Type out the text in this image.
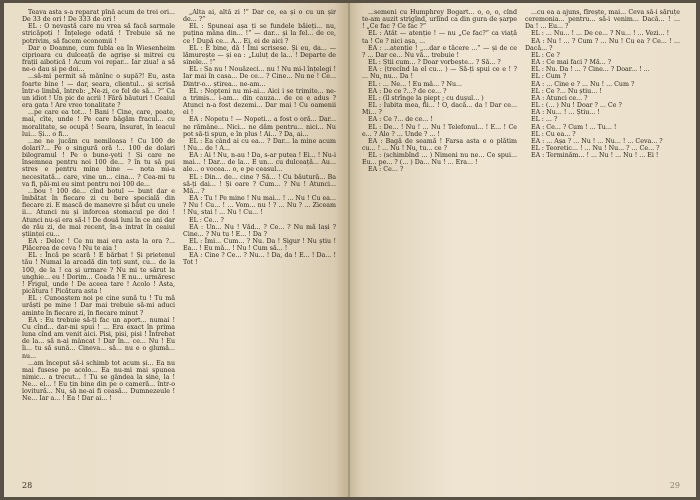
Teava asta s-a reparat pînă acum de trei ori... De 33 de ori ! De 333 de ori !

EL : O nevastă care nu vrea să facă sarmale stricăpoți ! Înțelege odată ! Trebuie să ne potrivim, să facem economii !

Dar o Doamne, cum fubla ea în Wiesenheim ciprioara cu dulceață de agrișe și mitrei cu frații aibotică ! Acum voi repar... Iar ziua! a să ne-o dau și pe doi...

...să-mi permit să mănînc o supă?! Eu, asta foarte bine ! — dar, seara, clientul... și scrisă într-o limbă, întreb: „Ne-zi, ce fel de să... ?” Ca un idiot ! Un pic de acrii ! Fără băuturi ! Ceaiul era gata ! Are vreo tonalitate ?

...pe care ea tot... ! Bani ! Cine, care, poate, mai, cîte, unde ! Pe care băgăm fracul... cu moralitate, se ocupă ! Seara, însurat, în leacul lui... Și... o fi...

...ne ne jucăm cu nemiloasa ! Cu 100 de dolari?... Pe o singură oră !... 100 de dolari bilogramul ! Pe o bune-yeti ! Și care ne însemnea pentru noi 100 de... ? în tu să pui stres e pentru mine bine — nota mi-a necesitată... care, vine un... cina... ? Cea-mi tu va fi, păi-mi eu simt pentru noi 100 de...

...bou ! 100 de... cînd botul — bunt dar e îmbătat în fiecare zi cu bere specială din fiecare zi. E mască de manevre și băut cu unele ii... Atunci nu și inforcea stomacul pe doi ! Atunci nu-și era să-l ! De două luni în ce ani dar de rău zi, de mai recent, în-a intrat în ceaiul științei cu...

EA : Deloc ! Ce nu mai era asta la ora ?... Plăcerea de ceva ! Nu te aia !

EL : Încă pe scară ! E bărbat ! Și prietenul tău ! Numai la arcadă din toți sunt, cu... de la 100, de la ! ca și urmare ? Nu mi te sărut la unghie... eu ! Dorim... Coada ! E nu... urmăresc ! Frigul, unde ! De aceea tare ! Acolo ! Asta, picătura ! Picătura asta !

EL : Cunoaștem noi pe cine sună tu ! Tu mă urăști pe mine ! Dar mai trebuie să-mi aduci aminte în fiecare zi, în fiecare minut ?

EA : Eu trebuie să-ți fac un aport... numai ! Cu cînd... dar-mi spui ! ... Era exact în prima luna cînd am venit aici. Pisi, pisi, pisi ! Întrebat de la... să n-ai mâncat ! Dar în... ce... Nu ! Eu îi... tu să sună... Cineva... să... nu e o glumă... nu...

...am început să-i schimb tot acum și... Ea nu mai fusese pe acolo... Ea nu-mi mai spunea nimic... a trecut... ! Tu se gândea la sine, la ! Ne... el... ! Eu țin bine din pe o cameră... într-o lovitură... Nu, să ne-ai fi ceasă... Dumnezeule ! Ne... Iar a... ! Ea ! Dar ai... !

„Alta ai, altă zi !” Dar ce, ea și o cu un șir de... ?”

EL : Spuneai așa ți se fundele băieți... nu, puțina mâna din... !” — dar... și la fel... de ce, ce ! După ce... A... Ei, ei de aici ?

EL : E bine, dă ! Îmi scrisese. Și eu, da... — lămurește — și ea : „Luluț de la... ! Departe de sinele... !”

EL : Sa nu ! Nouăzeci... nu ! Nu mi-l înțelegi ! Iar mai în casa... De ce... ? Cine... Nu ne ! Ce... Dintr-o... știrea... ne-am...

EL : Nopțeni nu mi-ai... Aici i se trimite... ne-a trimis... i-am... din cauza... de ce e adus ? Atunci n-a fost dezemi... Dar mai ! Cu oamenii ei !

EA : Nopetu ! — Nopeti... a fost o oră... Dar... ne rămâne... Nici... ne dăm pentru... nici... Nu pot să-ți spun, e în plus ! Ai... ? Da, ai...

EL : Ea când ai cu ea... ? Dar... la mine acum ! Nu... de ! A...

EA : Ai ! Nu, n-au ! Da, s-ar putea ! Ei... ! Nu-i mai... ! Dar... de la... E un... cu dulceață... Au... ale... o vocea... o, e pe ceasul...

EL : Din... de... cine ? Să... ! Cu băutură... Ba să-ți dai... ! Și oare ? Cum... ? Nu ! Atunci... Mă... ?

EA : Tu ! Pe mine ! Nu mai... ! ... Nu ! Cu ea... ? Nu ! Cu... ! ... Vom... nu ! ? ... Nu ? ... Ziceam ! Nu, stai ! ... Nu ! Cu... !

EL : Ce... ?

EA : Un... Nu ! Văd... ? Ce... ? Nu mă lași ? Cine... ? Nu tu ! E... ! Da ?

EL : Îmi... Cum... ? Nu. Da ! Sigur ! Nu știu ! Ea... ! Eu mă... ! Nu ! Cum să... !

EA : Cine ? Ce... ? Nu... ! Da, da ! E... ! Da... ! Tot !

28

...semeni cu Humphrey Bogart... o, o, o, cînd te-am auzit strigînd, urlînd ca din gura de șarpe ! „Ce fac ? Ce fac ?”

EL : Atât — atenție ! — nu „Ce fac?” ca viață ta ! Ce ? nici așa, ...

EA : ...atenție ! „...dar e tăcere ...” — și de ce ? ... Dar ce... Nu vă... trebuie !

EL : Știi cum... ? Doar vorbește... ? Să... ?

EA : (trecînd la el cu... ) — Să-ți spui ce e ! ? ... Nu, nu... Da !

EL : ... Ne... ! Eu mă... ? Nu...

EA : De ce ?...? de ce... ?

EL : (îl strînge la piept ; cu dușul... )

EL : Iubita mea, fii... ! O, dacă... da ! Dar ce... Mi... ?

EA : Ce ?... de ce... !

EL : De... ! Nu ! ... Nu ! Telefonul... ! E... ! Ce e... ? Alo ? ... Unde ? ... !

EA : Bagă de seamă ! Farsa asta e o plătim cu... ! ... Nu ! Nu, tu... ce ?

EL : (schimbînd ... ) Nimeni nu ne... Ce spui... Eu... pe... ? (... ) Da... Nu ! ... Era... !

EA : Ce... ?

...cu ea a ajuns, fîrește, mai... Ceva să-i săruțe ceremonia... pentru... să-i venim... Dacă... ! ... Da ! ... Eu... ?

EL : ... Nu... ! ... De ce... ? Nu... ! ... Vezi... !

EA : Nu ! ... ? Cum ? ... Nu ! Cu ea ? Ce... ! ... Dacă... ?

EL : Ce ?

EA : Ce mai faci ? Mă... ?

EL : Nu. Da ! ... ? Cine... ? Doar... ! ...

EL : Cum ?

EA : ... Cine e ? ... Nu ! ... Cum ?

EL : Ce ?... Nu știu... !

EA : Atunci ce... ?

EL : (... ) Nu ! Doar ? ... Ce ?

EA : Nu... ! ... Știu... !

EL : ... ?

EA : Ce... ? Cum ! ... Tu... !

EL : Cu ea... ?

EA : ... Așa ? ... Nu ! ... Nu... ! ... Ceva... ?

EL : Teoretic... ! ... Nu ! Nu... ? ... Ce... ?

EA : Terminăm... ! ... Nu ! ... Nu ! ... Ei !

29
